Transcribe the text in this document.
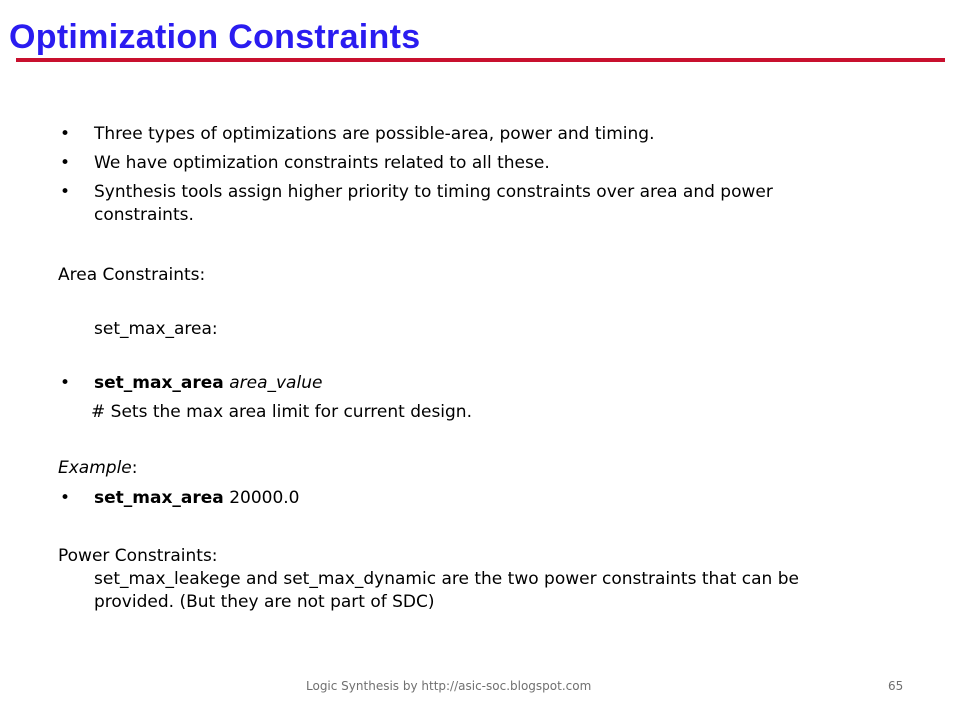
Optimization Constraints
• Three types of optimizations are possible-area, power and timing.
• We have optimization constraints related to all these.
• Synthesis tools assign higher priority to timing constraints over area and power
constraints.
Area Constraints:
set_max_area:
• set_max_area area_value
# Sets the max area limit for current design.
Example:
• set_max_area 20000.0
Power Constraints:
set_max_leakege and set_max_dynamic are the two power constraints that can be
provided. (But they are not part of SDC)
Logic Synthesis by http://asic-soc.blogspot.com	65
